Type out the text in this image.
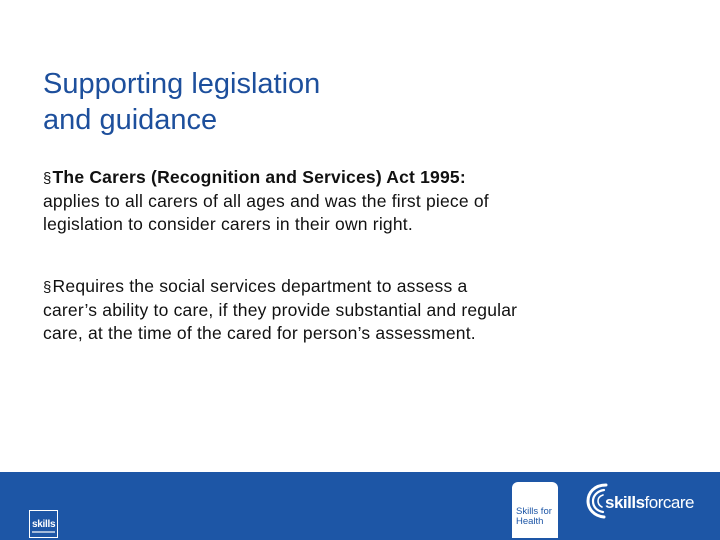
Supporting legislation
and guidance
§The Carers (Recognition and Services) Act 1995:
applies to all carers of all ages and was the first piece of
legislation to consider carers in their own right.
§Requires the social services department to assess a
carer’s ability to care, if they provide substantial and regular
care, at the time of the cared for person’s assessment.
skills
Skills for
Health
skillsforcare
